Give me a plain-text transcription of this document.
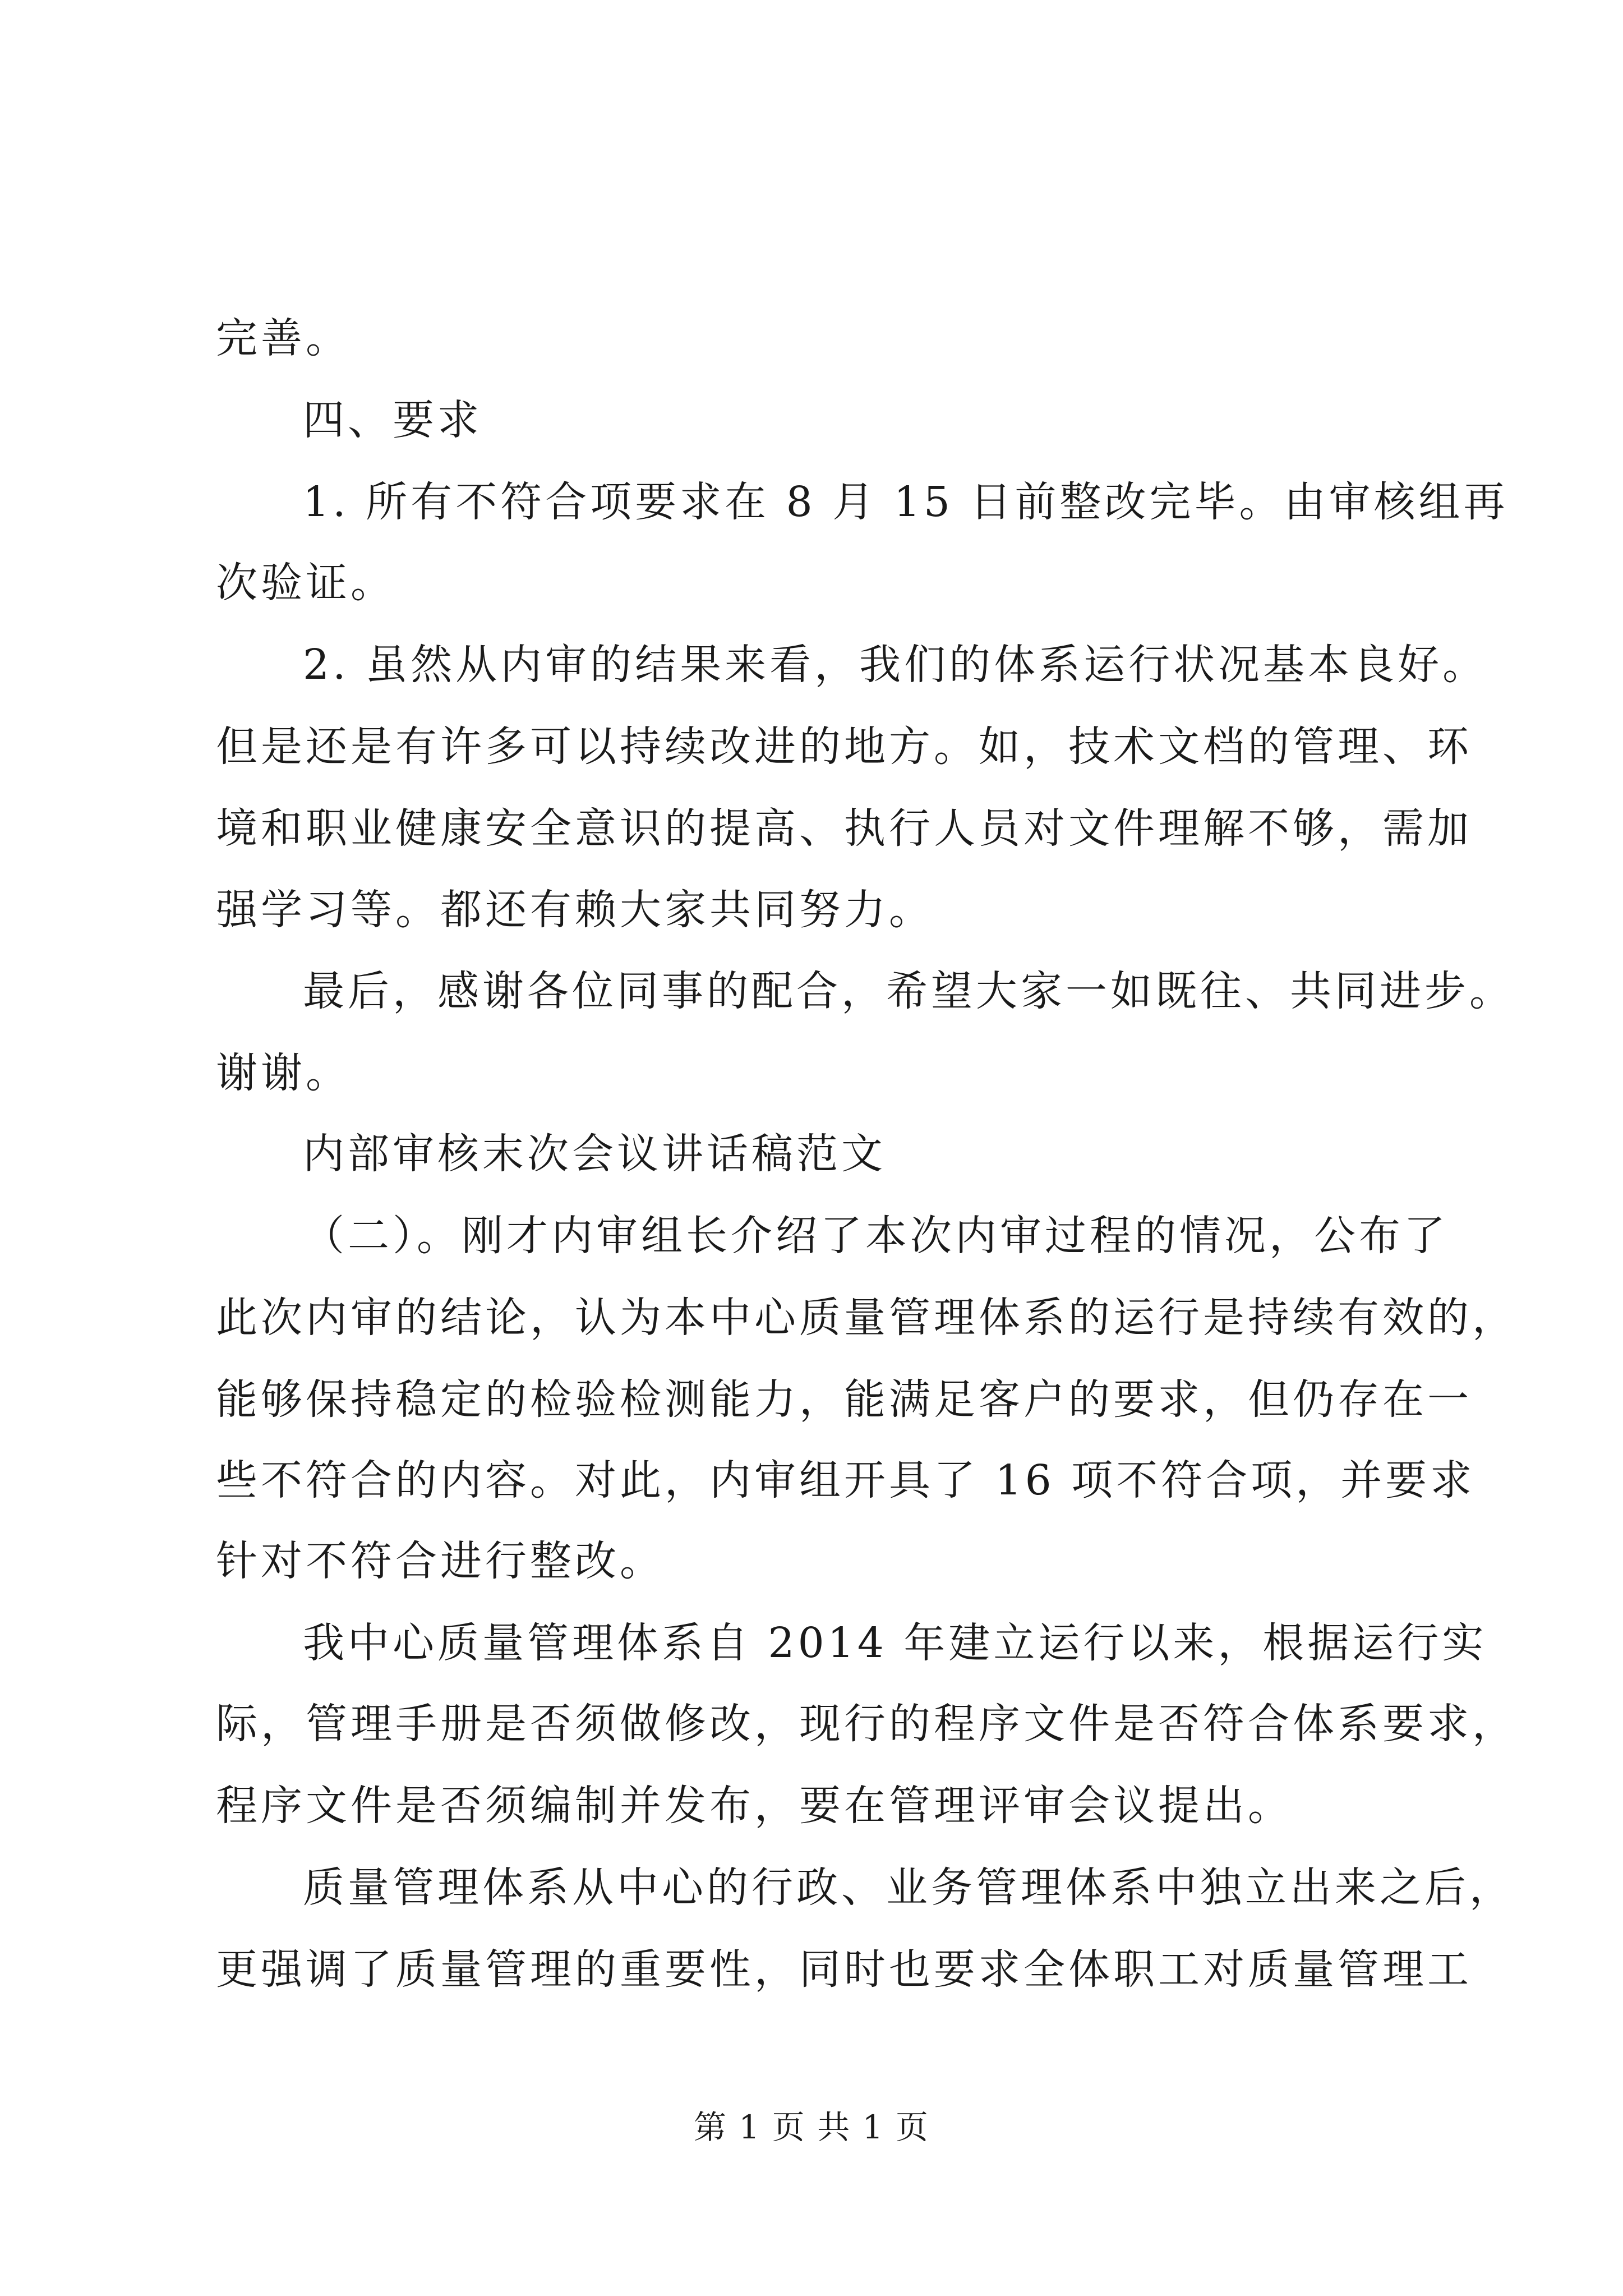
完善。
四、要求
1. 所有不符合项要求在 8 月 15 日前整改完毕。由审核组再
次验证。
2. 虽然从内审的结果来看，我们的体系运行状况基本良好。
但是还是有许多可以持续改进的地方。如，技术文档的管理、环
境和职业健康安全意识的提高、执行人员对文件理解不够，需加
强学习等。都还有赖大家共同努力。
最后，感谢各位同事的配合，希望大家一如既往、共同进步。
谢谢。
内部审核末次会议讲话稿范文
（二）。刚才内审组长介绍了本次内审过程的情况，公布了
此次内审的结论，认为本中心质量管理体系的运行是持续有效的，
能够保持稳定的检验检测能力，能满足客户的要求，但仍存在一
些不符合的内容。对此，内审组开具了 16 项不符合项，并要求
针对不符合进行整改。
我中心质量管理体系自 2014 年建立运行以来，根据运行实
际，管理手册是否须做修改，现行的程序文件是否符合体系要求，
程序文件是否须编制并发布，要在管理评审会议提出。
质量管理体系从中心的行政、业务管理体系中独立出来之后，
更强调了质量管理的重要性，同时也要求全体职工对质量管理工
第 1 页 共 1 页
